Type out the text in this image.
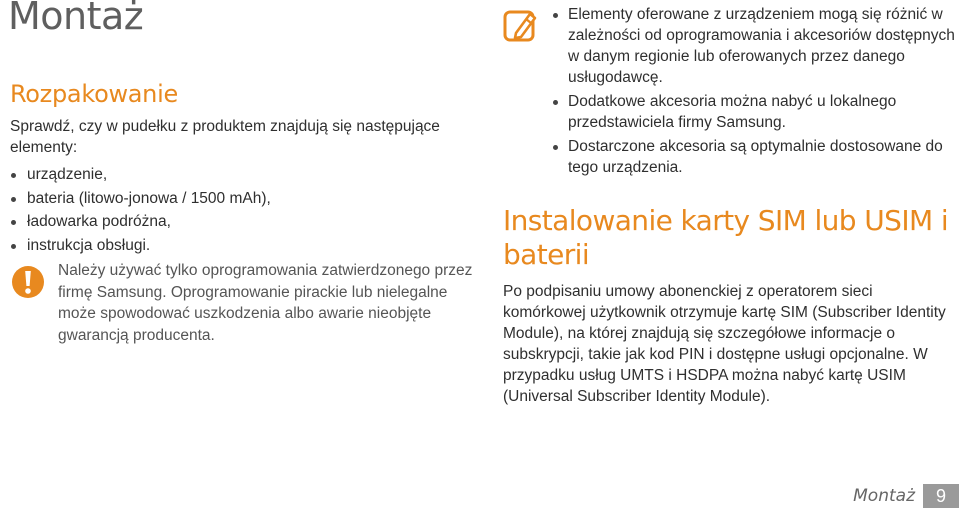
Montaż
Rozpakowanie

Sprawdź, czy w pudełku z produktem znajdują się następujące elementy:

urządzenie,
bateria (litowo-jonowa / 1500 mAh),
ładowarka podróżna,
instrukcja obsługi.

Należy używać tylko oprogramowania zatwierdzonego przez firmę Samsung. Oprogramowanie pirackie lub nielegalne może spowodować uszkodzenia albo awarie nieobjęte gwarancją producenta.

Elementy oferowane z urządzeniem mogą się różnić w zależności od oprogramowania i akcesoriów dostępnych w danym regionie lub oferowanych przez danego usługodawcę.
Dodatkowe akcesoria można nabyć u lokalnego przedstawiciela firmy Samsung.
Dostarczone akcesoria są optymalnie dostosowane do tego urządzenia.
Instalowanie karty SIM lub USIM i baterii

Po podpisaniu umowy abonenckiej z operatorem sieci komórkowej użytkownik otrzymuje kartę SIM (Subscriber Identity Module), na której znajdują się szczegółowe informacje o subskrypcji, takie jak kod PIN i dostępne usługi opcjonalne. W przypadku usług UMTS i HSDPA można nabyć kartę USIM (Universal Subscriber Identity Module).

Montaż	9
